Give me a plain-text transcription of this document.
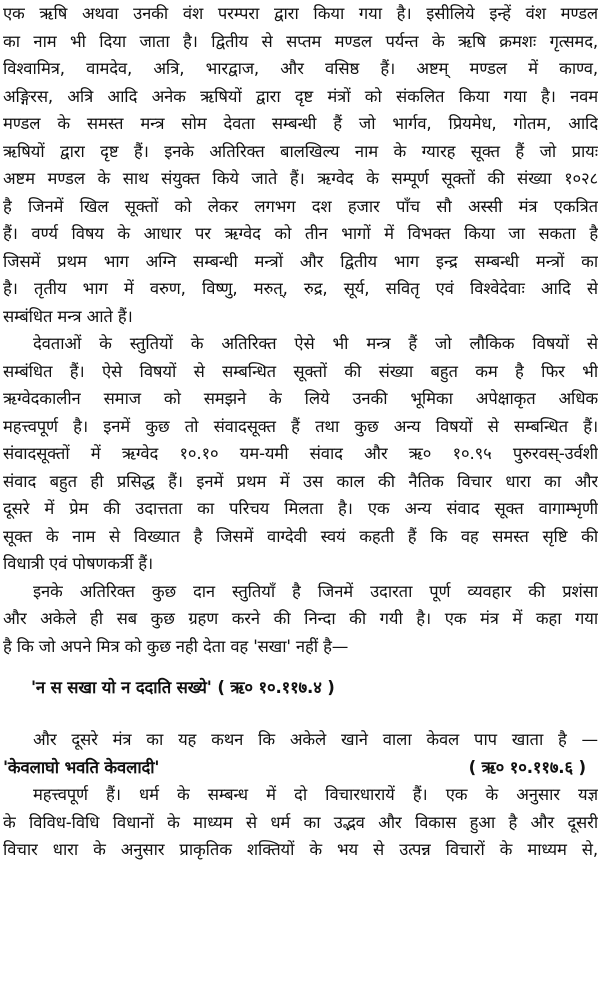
एक ऋषि अथवा उनकी वंश परम्परा द्वारा किया गया है। इसीलिये इन्हें वंश मण्डल
का नाम भी दिया जाता है। द्वितीय से सप्तम मण्डल पर्यन्त के ऋषि क्रमशः गृत्समद,
विश्वामित्र, वामदेव, अत्रि, भारद्वाज, और वसिष्ठ हैं। अष्टम् मण्डल में काण्व,
अङ्गिरस, अत्रि आदि अनेक ऋषियों द्वारा दृष्ट मंत्रों को संकलित किया गया है। नवम
मण्डल के समस्त मन्त्र सोम देवता सम्बन्धी हैं जो भार्गव, प्रियमेध, गोतम, आदि
ऋषियों द्वारा दृष्ट हैं। इनके अतिरिक्त बालखिल्य नाम के ग्यारह सूक्त हैं जो प्रायः
अष्टम मण्डल के साथ संयुक्त किये जाते हैं। ऋग्वेद के सम्पूर्ण सूक्तों की संख्या १०२८
है जिनमें खिल सूक्तों को लेकर लगभग दश हजार पाँच सौ अस्सी मंत्र एकत्रित
हैं। वर्ण्य विषय के आधार पर ऋग्वेद को तीन भागों में विभक्त किया जा सकता है
जिसमें प्रथम भाग अग्नि सम्बन्धी मन्त्रों और द्वितीय भाग इन्द्र सम्बन्धी मन्त्रों का
है। तृतीय भाग में वरुण, विष्णु, मरुत्, रुद्र, सूर्य, सवितृ एवं विश्वेदेवाः आदि से
सम्बंधित मन्त्र आते हैं।
देवताओं के स्तुतियों के अतिरिक्त ऐसे भी मन्त्र हैं जो लौकिक विषयों से
सम्बंधित हैं। ऐसे विषयों से सम्बन्धित सूक्तों की संख्या बहुत कम है फिर भी
ऋग्वेदकालीन समाज को समझने के लिये उनकी भूमिका अपेक्षाकृत अधिक
महत्त्वपूर्ण है। इनमें कुछ तो संवादसूक्त हैं तथा कुछ अन्य विषयों से सम्बन्धित हैं।
संवादसूक्तों में ऋग्वेद १०.१० यम-यमी संवाद और ऋ० १०.९५ पुरुरवस्-उर्वशी
संवाद बहुत ही प्रसिद्ध हैं। इनमें प्रथम में उस काल की नैतिक विचार धारा का और
दूसरे में प्रेम की उदात्तता का परिचय मिलता है। एक अन्य संवाद सूक्त वागाम्भृणी
सूक्त के नाम से विख्यात है जिसमें वाग्देवी स्वयं कहती हैं कि वह समस्त सृष्टि की
विधात्री एवं पोषणकर्त्री हैं।
इनके अतिरिक्त कुछ दान स्तुतियाँ है जिनमें उदारता पूर्ण व्यवहार की प्रशंसा
और अकेले ही सब कुछ ग्रहण करने की निन्दा की गयी है। एक मंत्र में कहा गया
है कि जो अपने मित्र को कुछ नही देता वह 'सखा' नहीं है—
'न स सखा यो न ददाति सख्ये' ( ऋ० १०.११७.४ )
और दूसरे मंत्र का यह कथन कि अकेले खाने वाला केवल पाप खाता है —
'केवलाघो भवति केवलादी'	( ऋ० १०.११७.६ )
महत्त्वपूर्ण हैं। धर्म के सम्बन्ध में दो विचारधारायें हैं। एक के अनुसार यज्ञ
के विविध-विधि विधानों के माध्यम से धर्म का उद्भव और विकास हुआ है और दूसरी
विचार धारा के अनुसार प्राकृतिक शक्तियों के भय से उत्पन्न विचारों के माध्यम से,
